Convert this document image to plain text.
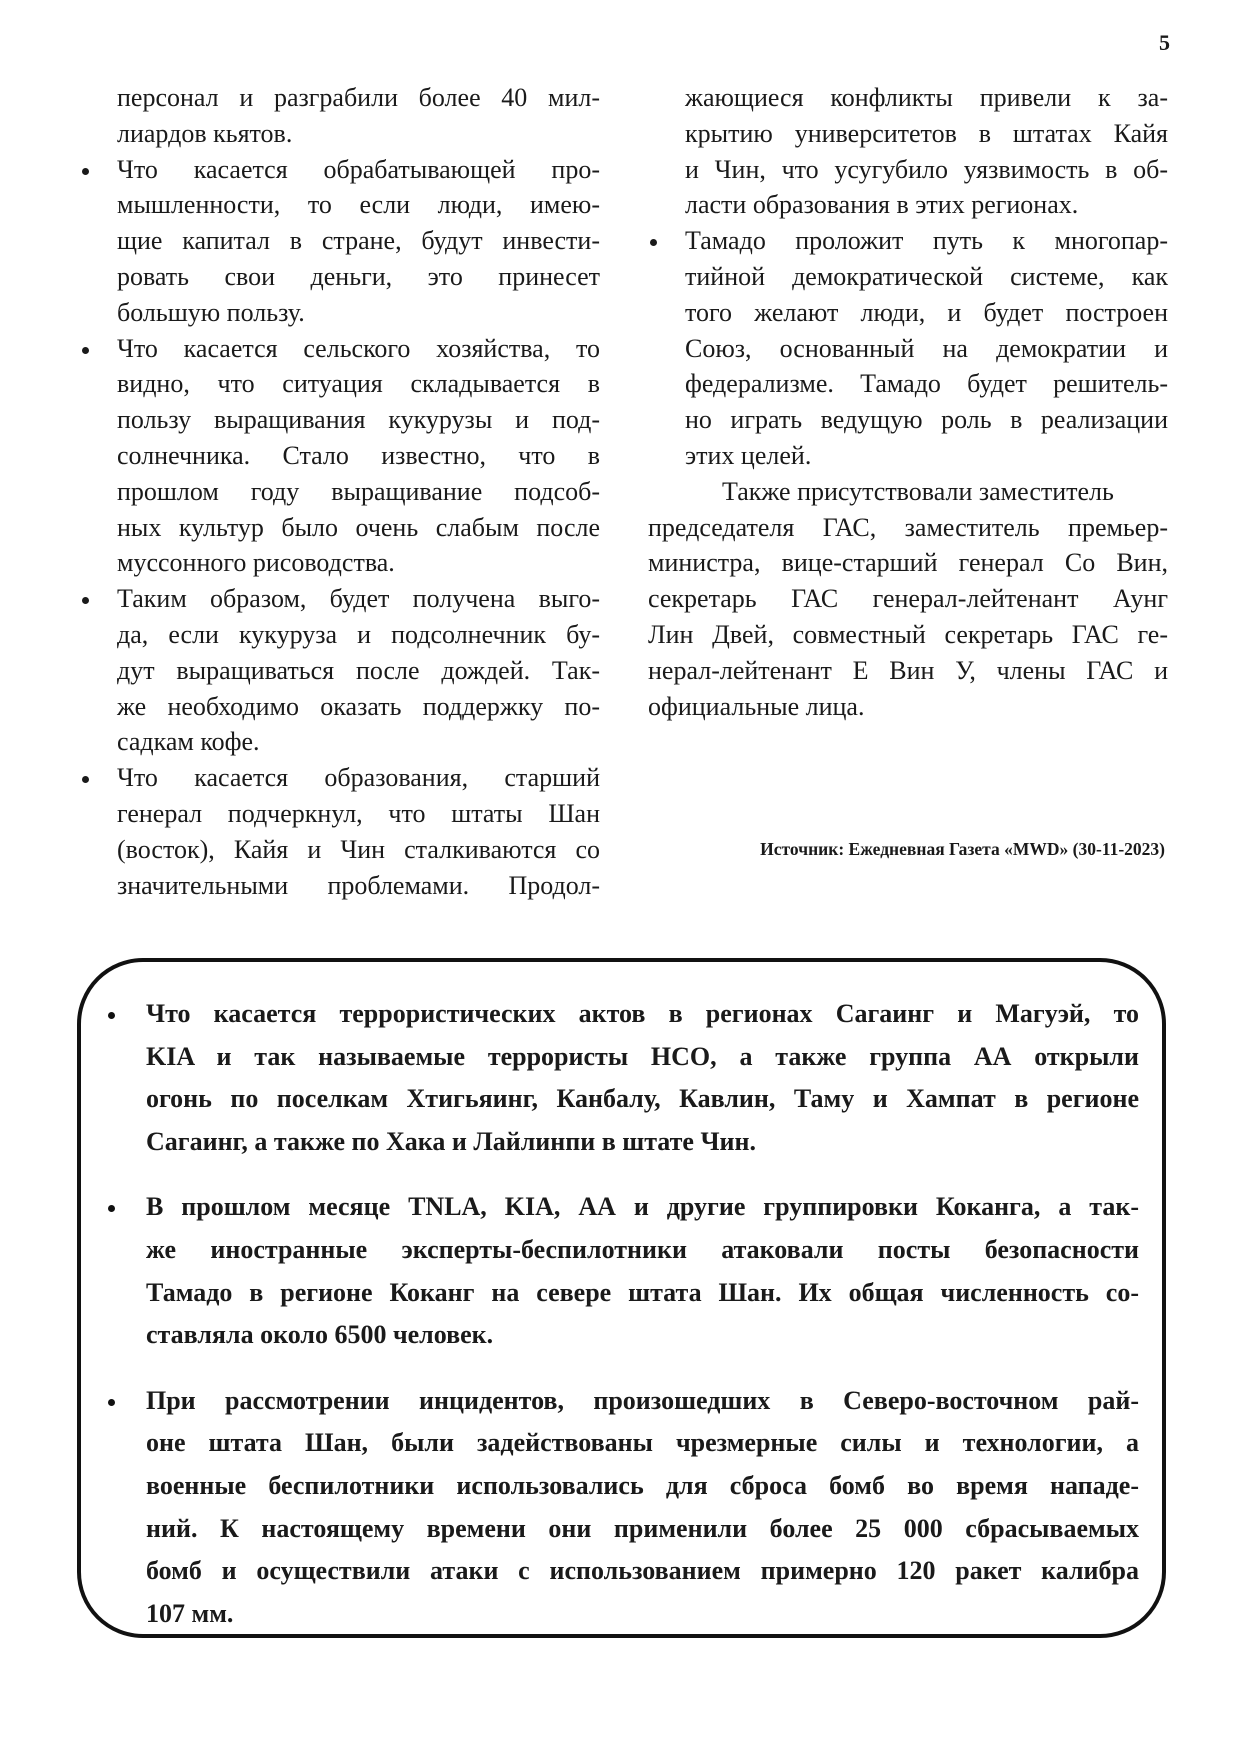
5
персонал и разграбили более 40 мил-
лиардов кьятов.
Что касается обрабатывающей про-
мышленности, то если люди, имею-
щие капитал в стране, будут инвести-
ровать свои деньги, это принесет
большую пользу.
Что касается сельского хозяйства, то
видно, что ситуация складывается в
пользу выращивания кукурузы и под-
солнечника. Стало известно, что в
прошлом году выращивание подсоб-
ных культур было очень слабым после
муссонного рисоводства.
Таким образом, будет получена выго-
да, если кукуруза и подсолнечник бу-
дут выращиваться после дождей. Так-
же необходимо оказать поддержку по-
садкам кофе.
Что касается образования, старший
генерал подчеркнул, что штаты Шан
(восток), Кайя и Чин сталкиваются со
значительными проблемами. Продол-
жающиеся конфликты привели к за-
крытию университетов в штатах Кайя
и Чин, что усугубило уязвимость в об-
ласти образования в этих регионах.
Тамадо проложит путь к многопар-
тийной демократической системе, как
того желают люди, и будет построен
Союз, основанный на демократии и
федерализме. Тамадо будет решитель-
но играть ведущую роль в реализации
этих целей.
Также присутствовали заместитель
председателя ГАС, заместитель премьер-
министра, вице-старший генерал Со Вин,
секретарь ГАС генерал-лейтенант Аунг
Лин Двей, совместный секретарь ГАС ге-
нерал-лейтенант Е Вин У, члены ГАС и
официальные лица.
Источник: Ежедневная Газета «MWD» (30-11-2023)
Что касается террористических актов в регионах Сагаинг и Магуэй, то
KIA и так называемые террористы НСО, а также группа АА открыли
огонь по поселкам Хтигьяинг, Канбалу, Кавлин, Таму и Хампат в регионе
Сагаинг, а также по Хака и Лайлинпи в штате Чин.
В прошлом месяце TNLA, KIA, АА и другие группировки Коканга, а так-
же иностранные эксперты-беспилотники атаковали посты безопасности
Тамадо в регионе Коканг на севере штата Шан. Их общая численность со-
ставляла около 6500 человек.
При рассмотрении инцидентов, произошедших в Северо-восточном рай-
оне штата Шан, были задействованы чрезмерные силы и технологии, а
военные беспилотники использовались для сброса бомб во время нападе-
ний. К настоящему времени они применили более 25 000 сбрасываемых
бомб и осуществили атаки с использованием примерно 120 ракет калибра
107 мм.
